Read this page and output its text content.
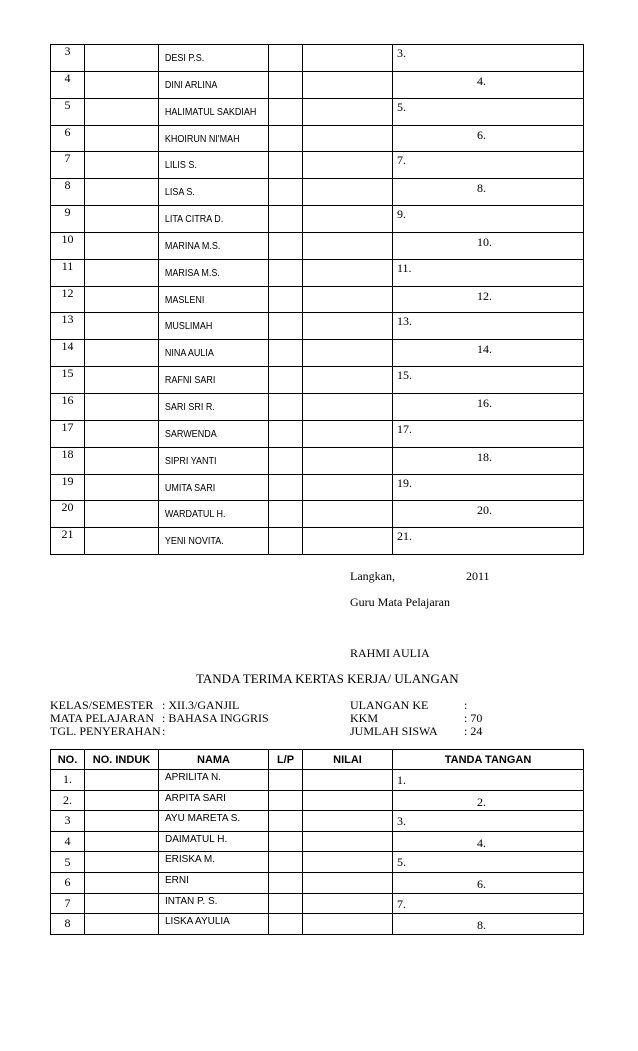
3		DESI P.S.			3.

4		DINI ARLINA			4.

5		HALIMATUL SAKDIAH			5.

6		KHOIRUN NI'MAH			6.

7		LILIS S.			7.

8		LISA S.			8.

9		LITA CITRA D.			9.

10		MARINA M.S.			10.

11		MARISA M.S.			11.

12		MASLENI			12.

13		MUSLIMAH			13.

14		NINA AULIA			14.

15		RAFNI SARI			15.

16		SARI SRI R.			16.

17		SARWENDA			17.

18		SIPRI YANTI			18.

19		UMITA SARI			19.

20		WARDATUL H.			20.

21		YENI NOVITA.			21.
Langkan,	2011
Guru Mata Pelajaran
RAHMI AULIA
TANDA TERIMA KERTAS KERJA/ ULANGAN
KELAS/SEMESTER : XII.3/GANJIL
MATA PELAJARAN : BAHASA INGGRIS
TGL. PENYERAHAN :
ULANGAN KE	:
KKM	: 70
JUMLAH SISWA : 24
NO.	NO. INDUK	NAMA	L/P	NILAI	TANDA TANGAN
1.		APRILITA N.			1.

2.		ARPITA SARI			2.

3		AYU MARETA S.			3.

4		DAIMATUL H.			4.

5		ERISKA M.			5.

6		ERNI			6.

7		INTAN P. S.			7.

8		LISKA AYULIA			8.
